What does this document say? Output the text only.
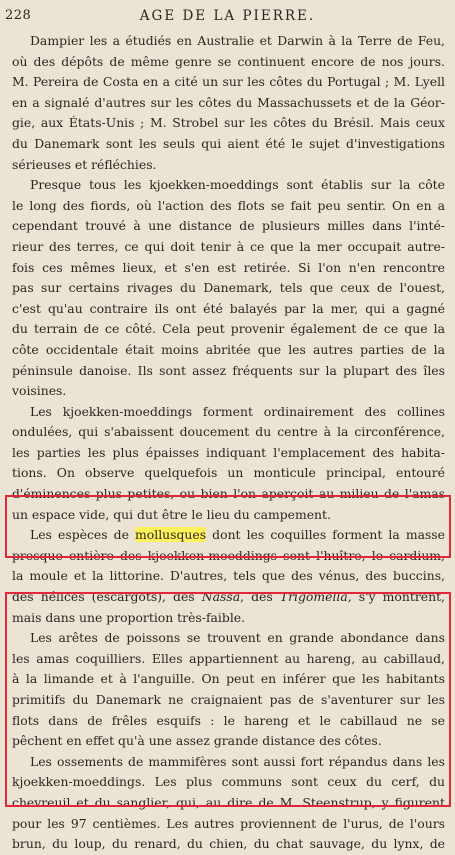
228	AGE DE LA PIERRE.
Dampier les a étudiés en Australie et Darwin à la Terre de Feu,
où des dépôts de même genre se continuent encore de nos jours.
M. Pereira de Costa en a cité un sur les côtes du Portugal ; M. Lyell
en a signalé d'autres sur les côtes du Massachussets et de la Géor-
gie, aux États-Unis ; M. Strobel sur les côtes du Brésil. Mais ceux
du Danemark sont les seuls qui aient été le sujet d'investigations
sérieuses et réfléchies.
Presque tous les kjoekken-moeddings sont établis sur la côte
le long des fiords, où l'action des flots se fait peu sentir. On en a
cependant trouvé à une distance de plusieurs milles dans l'inté-
rieur des terres, ce qui doit tenir à ce que la mer occupait autre-
fois ces mêmes lieux, et s'en est retirée. Si l'on n'en rencontre
pas sur certains rivages du Danemark, tels que ceux de l'ouest,
c'est qu'au contraire ils ont été balayés par la mer, qui a gagné
du terrain de ce côté. Cela peut provenir également de ce que la
côte occidentale était moins abritée que les autres parties de la
péninsule danoise. Ils sont assez fréquents sur la plupart des îles
voisines.
Les kjoekken-moeddings forment ordinairement des collines
ondulées, qui s'abaissent doucement du centre à la circonférence,
les parties les plus épaisses indiquant l'emplacement des habita-
tions. On observe quelquefois un monticule principal, entouré
d'éminences plus petites, ou bien l'on aperçoit au milieu de l'amas
un espace vide, qui dut être le lieu du campement.
Les espèces de mollusques dont les coquilles forment la masse
presque entière des kjoekken-moeddings sont l'huître, le cardium,
la moule et la littorine. D'autres, tels que des vénus, des buccins,
des hélices (escargots), des Nassa, des Trigomella, s'y montrent,
mais dans une proportion très-faible.
Les arêtes de poissons se trouvent en grande abondance dans
les amas coquilliers. Elles appartiennent au hareng, au cabillaud,
à la limande et à l'anguille. On peut en inférer que les habitants
primitifs du Danemark ne craignaient pas de s'aventurer sur les
flots dans de frêles esquifs : le hareng et le cabillaud ne se
pêchent en effet qu'à une assez grande distance des côtes.
Les ossements de mammifères sont aussi fort répandus dans les
kjoekken-moeddings. Les plus communs sont ceux du cerf, du
chevreuil et du sanglier, qui, au dire de M. Steenstrup, y figurent
pour les 97 centièmes. Les autres proviennent de l'urus, de l'ours
brun, du loup, du renard, du chien, du chat sauvage, du lynx, de
